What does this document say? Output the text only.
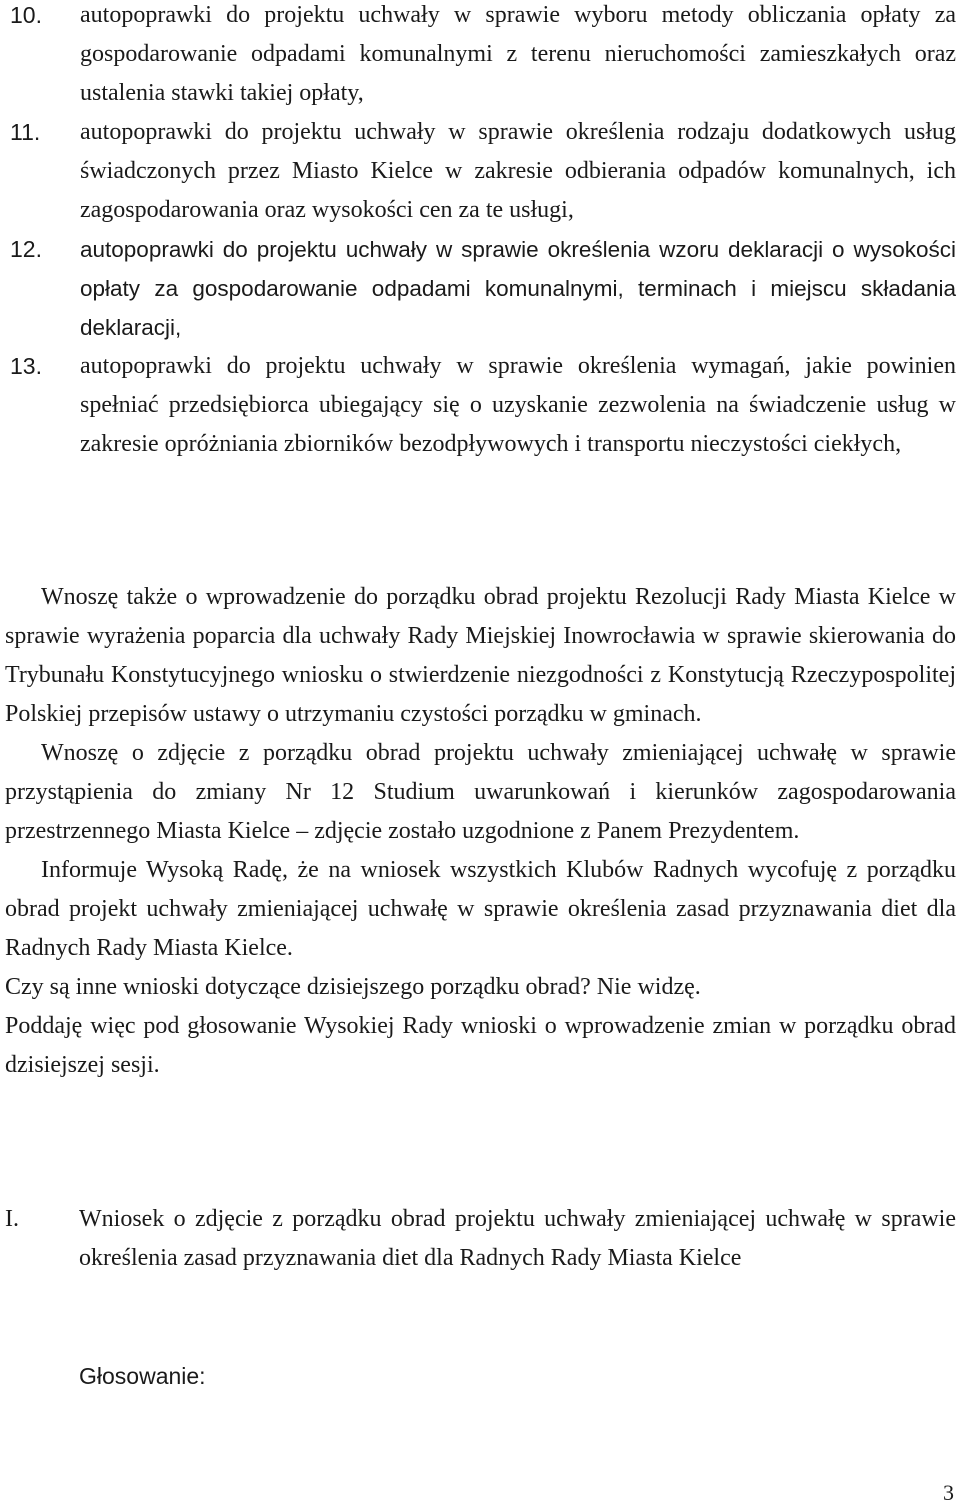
10.	autopoprawki do projektu uchwały w sprawie wyboru metody obliczania opłaty za gospodarowanie odpadami komunalnymi z terenu nieruchomości zamieszkałych oraz ustalenia stawki takiej opłaty,
11.	autopoprawki do projektu uchwały w sprawie określenia rodzaju dodatkowych usług świadczonych przez Miasto Kielce w zakresie odbierania odpadów komunalnych, ich zagospodarowania oraz wysokości cen za te usługi,
12.	autopoprawki do projektu uchwały w sprawie określenia wzoru deklaracji o wysokości opłaty za gospodarowanie odpadami komunalnymi, terminach i miejscu składania deklaracji,
13.	autopoprawki do projektu uchwały w sprawie określenia wymagań, jakie powinien spełniać przedsiębiorca ubiegający się o uzyskanie zezwolenia na świadczenie usług w zakresie opróżniania zbiorników bezodpływowych i transportu nieczystości ciekłych,

Wnoszę także o wprowadzenie do porządku obrad projektu Rezolucji Rady Miasta Kielce w sprawie wyrażenia poparcia dla uchwały Rady Miejskiej Inowrocławia w sprawie skierowania do Trybunału Konstytucyjnego wniosku o stwierdzenie niezgodności z Konstytucją Rzeczypospolitej Polskiej przepisów ustawy o utrzymaniu czystości porządku w gminach.

Wnoszę o zdjęcie z porządku obrad projektu uchwały zmieniającej uchwałę w sprawie przystąpienia do zmiany Nr 12 Studium uwarunkowań i kierunków zagospodarowania przestrzennego Miasta Kielce – zdjęcie zostało uzgodnione z Panem Prezydentem.

Informuje Wysoką Radę, że na wniosek wszystkich Klubów Radnych wycofuję z porządku obrad projekt uchwały zmieniającej uchwałę w sprawie określenia zasad przyznawania diet dla Radnych Rady Miasta Kielce.

Czy są inne wnioski dotyczące dzisiejszego porządku obrad? Nie widzę.

Poddaję więc pod głosowanie Wysokiej Rady wnioski o wprowadzenie zmian w porządku obrad dzisiejszej sesji.

I.	Wniosek o zdjęcie z porządku obrad projektu uchwały zmieniającej uchwałę w sprawie określenia zasad przyznawania diet dla Radnych Rady Miasta Kielce
Głosowanie:
3
